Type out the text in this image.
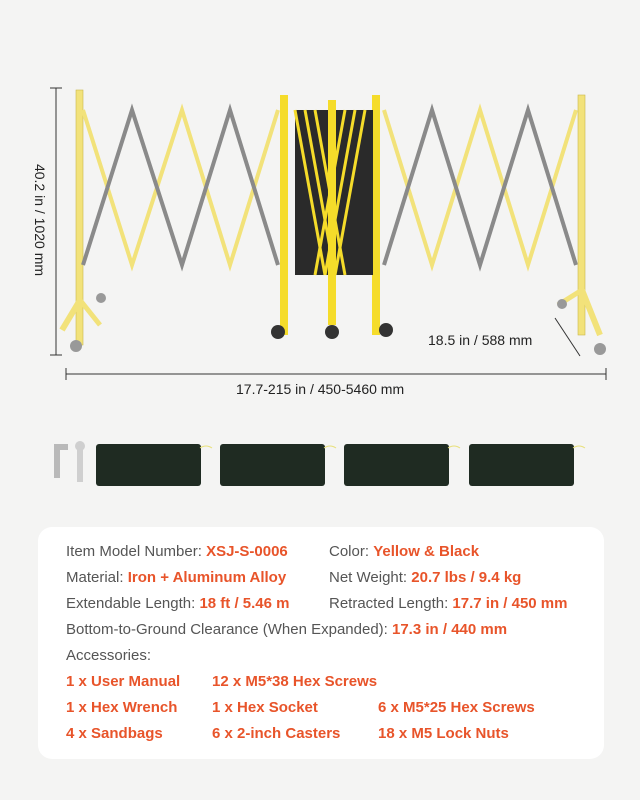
40.2 in / 1020 mm
18.5 in / 588 mm
17.7-215 in / 450-5460 mm
Item Model Number: XSJ-S-0006	Color: Yellow & Black
Material: Iron + Aluminum Alloy	Net Weight: 20.7 lbs / 9.4 kg
Extendable Length: 18 ft / 5.46 m	Retracted Length: 17.7 in / 450 mm
Bottom-to-Ground Clearance (When Expanded): 17.3 in / 440 mm
Accessories:
1 x User Manual 12 x M5*38 Hex Screws
1 x Hex Wrench 1 x Hex Socket	6 x M5*25 Hex Screws
4 x Sandbags	6 x 2-inch Casters	18 x M5 Lock Nuts
